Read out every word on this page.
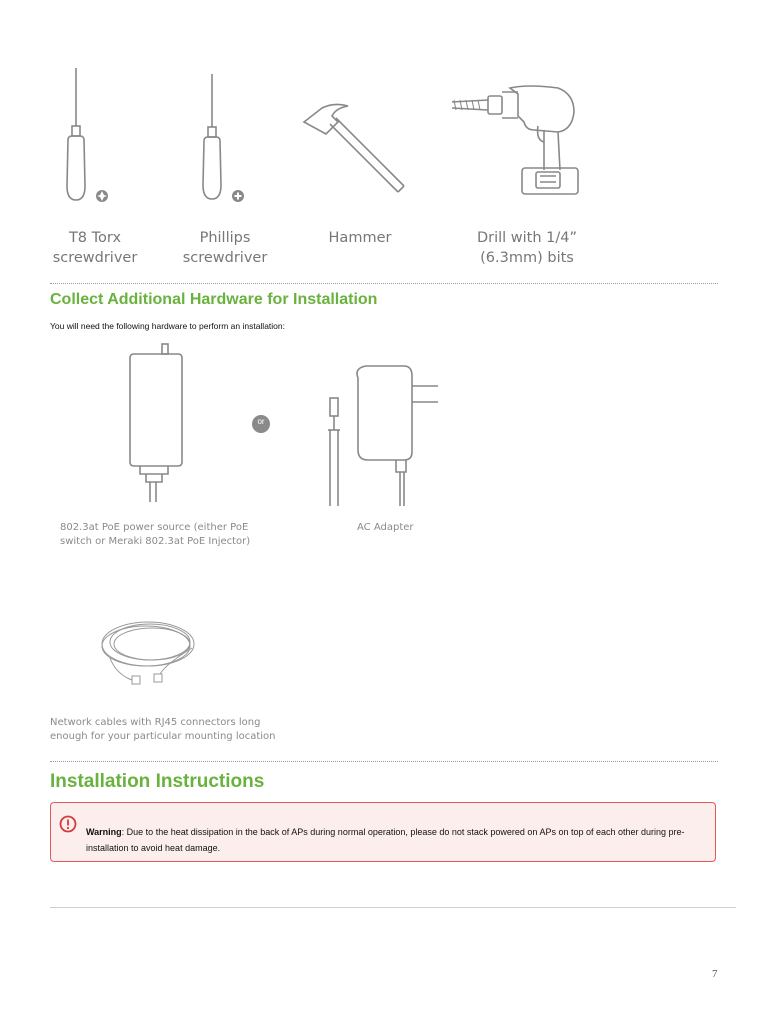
T8 Torx
screwdriver
Phillips
screwdriver
Hammer	Drill with 1/4”
(6.3mm) bits
Collect Additional Hardware for Installation
You will need the following hardware to perform an installation:
or
802.3at PoE power source (either PoE
switch or Meraki 802.3at PoE Injector)
AC Adapter
Network cables with RJ45 connectors long
enough for your particular mounting location
Installation Instructions
Warning: Due to the heat dissipation in the back of APs during normal operation, please do not stack powered on APs on top of each other during pre-installation to avoid heat damage.
7
